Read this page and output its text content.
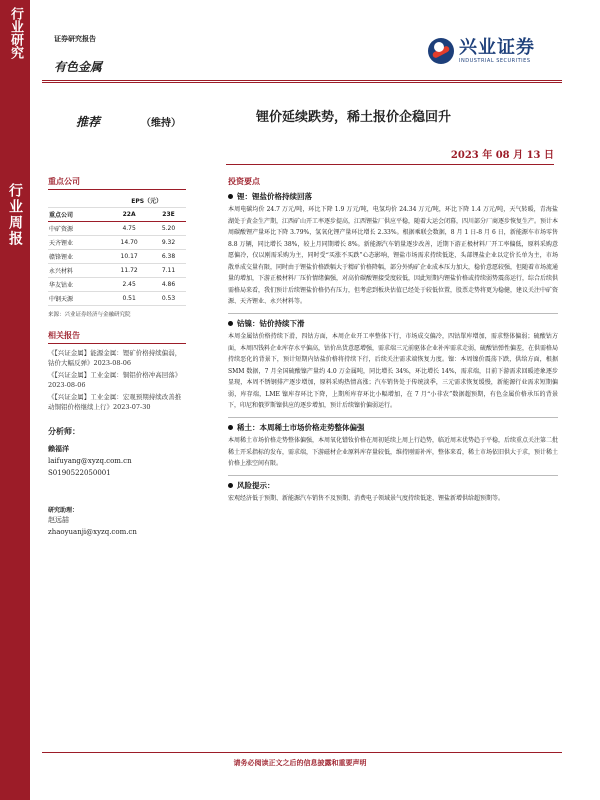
行业研究
行业周报
证券研究报告
有色金属
兴业证券
INDUSTRIAL SECURITIES
推荐	（维持）	锂价延续跌势，稀土报价企稳回升
2023 年 08 月 13 日
重点公司
	EPS（元）	
重点公司	22A	23E
中矿资源	4.75	5.20
天齐锂业	14.70	9.32
赣锋锂业	10.17	6.38
永兴材料	11.72	7.11
华友钴业	2.45	4.86
中钢天源	0.51	0.53
来源：兴业证券经济与金融研究院
相关报告
《【兴证金属】能源金属：锂矿价格持续偏弱，钴价大幅反弹》2023-08-06
《【兴证金属】工业金属：铜铝价格冲高回落》2023-08-06
《【兴证金属】工业金属：宏观预期持续改善推动铜铝价格继续上行》2023-07-30
分析师：
赖福洋
laifuyang@xyzq.com.cn
S0190522050001
研究助理：
赵远喆
zhaoyuanji@xyzq.com.cn
投资要点
锂：锂盐价格持续回落
本周电碳均价 24.7 万元/吨，环比下降 1.9 万元/吨，电氢均价 24.34 万元/吨，环比下降 1.4 万元/吨，天气转暖，青海盐湖处于黄金生产期，江西矿山开工率逐步提高，江西锂盐厂供应平稳，随着大运会闭幕，四川部分厂商逐步恢复生产。预计本周碳酸锂产量环比下降 3.79%，氢氧化锂产量环比增长 2.33%。根据乘联会数据，8 月 1 日-8 月 6 日，新能源车市场零售 8.8 万辆，同比增长 38%，较上月同期增长 8%。新能源汽车销量逐步改善，近期下游正极材料厂开工率偏低，原料采购意愿偏冷，仅以刚需采购为主，同时受“买涨不买跌”心态影响，锂盐市场需求持续低迷，头部锂盐企业以定价长单为主，市场散单成交量有限，同时由于锂盐价格跌幅大于精矿价格降幅，部分外购矿企业成本压力加大，稳价意愿较强，但随着市场流通量的增加，下游正极材料厂压价情绪偏强，对高价碳酸锂接受度较低，因此短期内锂盐价格或持续弱势震荡运行，综合后续供需格局来看，我们预计后续锂盐价格仍有压力，但考虑到板块估值已经处于较低位置，股票走势将更为稳健，建议关注中矿资源、天齐锂业、永兴材料等。
钴镍：钴价持续下滑
本周金属钴价格持续下滑，四钴方面，本周企业开工率整体下行，市场成交偏冷，四钴單库增加，需求整体偏弱；硫酸钴方面，本周四钱料企业库存水平偏高，钴价出货意愿增强，需求端三元前驱体企业补库需求走弱，硫酸钴弹性偏差，在供需格局持续恶化的背景下，预计短期内钴盐价格将持续下行，后续关注需求端恢复力度。镍：本周镍价震荡下跌，供给方面，根据 SMM 数据，7 月全国硫酸镍产量约 4.0 万金属吨，同比增长 34%，环比增长 14%，需求端，目前下游需求回暖迹象逐步显现，本周不锈钢排产逐步增加，原料采购热情高涨；汽车销售处于传统淡季，三元需求恢复缓慢，新能源行业需求短期偏弱，库存端，LME 镍库存环比下降，上期所库存环比小幅增加，在 7 月“小非农”数据超预期，有色金属价格承压的背景下，印尼和俄罗斯镍供应的逐步增加，预计后续镍价偏弱运行。
稀土：本周稀土市场价格走势整体偏强
本周稀土市场价格走势整体偏强，本周氧化镨钕价格在周初延续上周上行趋势，临近周末优势趋于平稳，后续重点关注第二批稀土开采指标的发布，需求端，下游磁材企业原料库存量较低，维持刚需补库，整体来看，稀土市场依旧供大于求，预计稀土价格上涨空间有限。
风险提示：
宏观经济低于预期、新能源汽车销售不及预期、消费电子领域景气度持续低迷、锂盐新增供给超预期等。
请务必阅读正文之后的信息披露和重要声明
